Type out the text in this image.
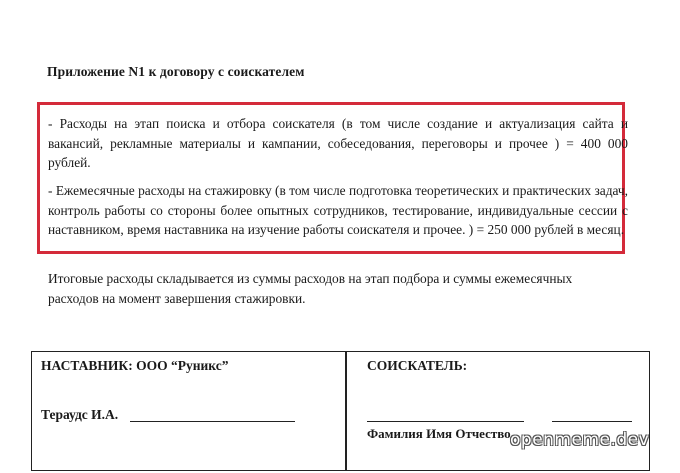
Приложение N1 к договору с соискателем
- Расходы на этап поиска и отбора соискателя (в том числе создание и актуализация сайта и вакансий, рекламные материалы и кампании, собеседования, переговоры и прочее ) = 400 000 рублей.
- Ежемесячные расходы на стажировку (в том числе подготовка теоретических и практических задач, контроль работы со стороны более опытных сотрудников, тестирование, индивидуальные сессии с наставником, время наставника на изучение работы соискателя и прочее. ) = 250 000 рублей в месяц.
Итоговые расходы складывается из суммы расходов на этап подбора и суммы ежемесячных расходов на момент завершения стажировки.
НАСТАВНИК: ООО “Руникс”
Тераудс И.А.
СОИСКАТЕЛЬ:
Фамилия Имя Отчество openmeme.dev
